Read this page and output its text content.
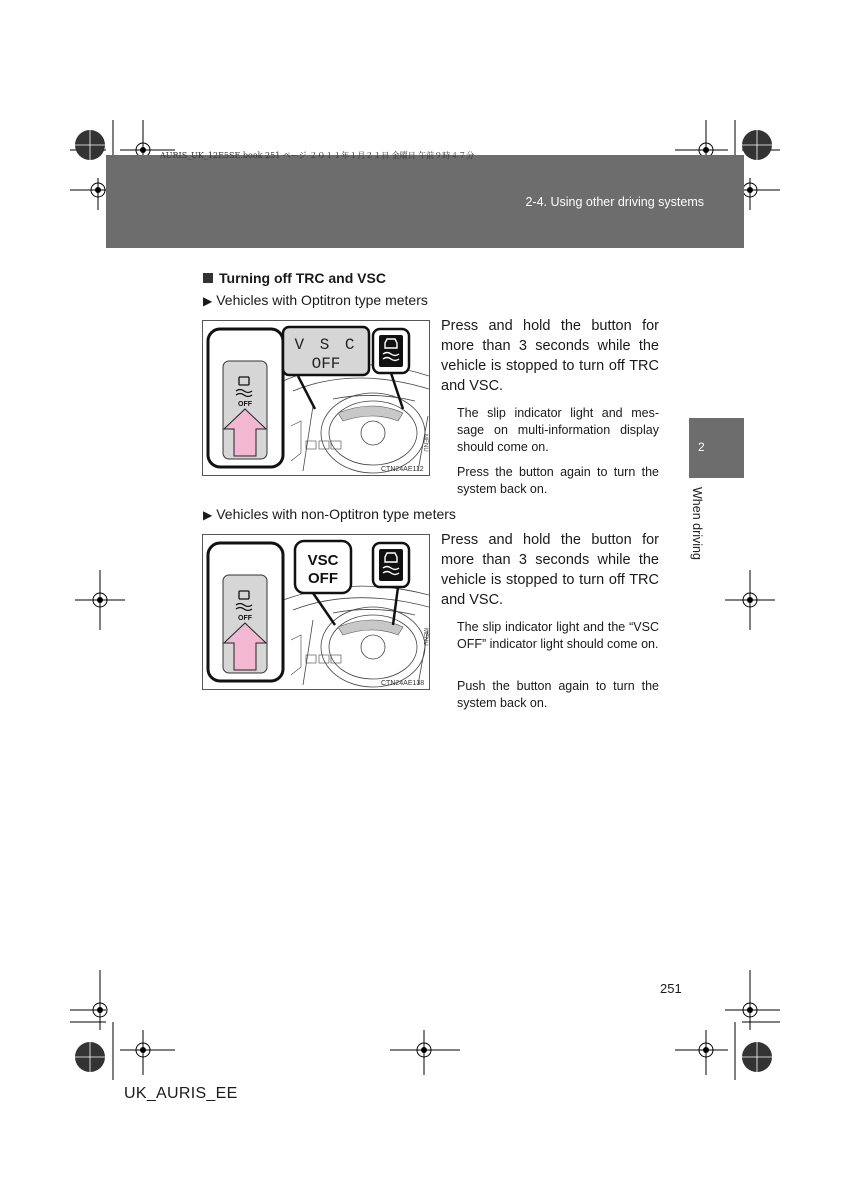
AURIS_UK_12E5SE.book 251 ページ ２０１１年１月２１日 金曜日 午前９時４７分
2-4. Using other driving systems
2
When driving
Turning off TRC and VSC
▶ Vehicles with Optitron type meters
OFF
V S C
OFF
MENU
CTN24AE112
Press and hold the button for more than 3 seconds while the vehicle is stopped to turn off TRC and VSC.
The slip indicator light and mes-sage on multi-information display should come on.
Press the button again to turn the system back on.
▶ Vehicles with non-Optitron type meters
OFF
VSC
OFF
MENU
CTN24AE138
Press and hold the button for more than 3 seconds while the vehicle is stopped to turn off TRC and VSC.
The slip indicator light and the “VSC OFF” indicator light should come on.
Push the button again to turn the system back on.
251
UK_AURIS_EE
